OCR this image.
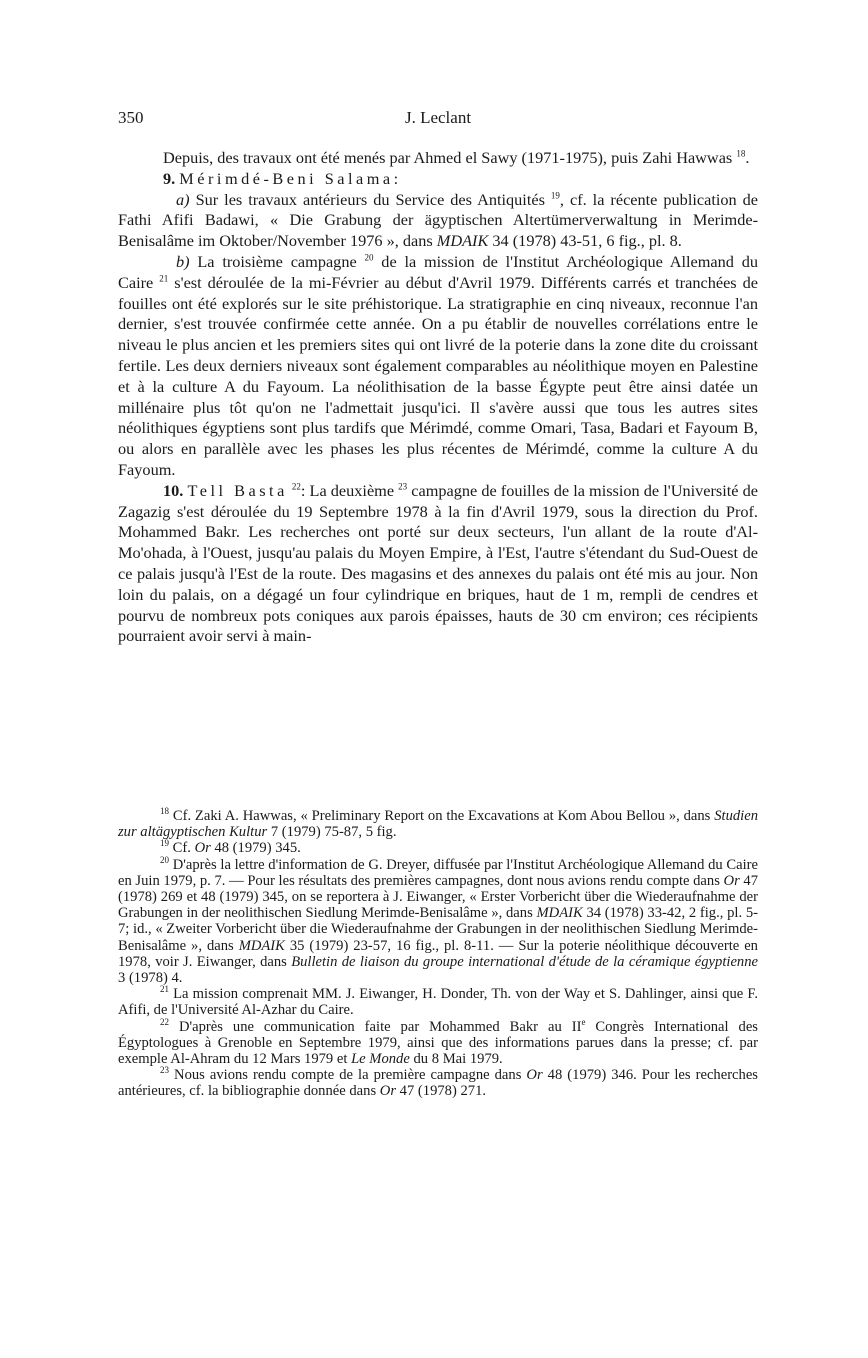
350	J. Leclant

Depuis, des travaux ont été menés par Ahmed el Sawy (1971-1975), puis Zahi Hawwas $^{18}$.

9. Mérimdé-Beni Salama:

a) Sur les travaux antérieurs du Service des Antiquités $^{19}$, cf. la récente publication de Fathi Afifi Badawi, « Die Grabung der ägyptischen Altertümerverwaltung in Merimde-Benisalâme im Oktober/November 1976 », dans MDAIK 34 (1978) 43-51, 6 fig., pl. 8.

b) La troisième campagne $^{20}$ de la mission de l'Institut Archéologique Allemand du Caire $^{21}$ s'est déroulée de la mi-Février au début d'Avril 1979. Différents carrés et tranchées de fouilles ont été explorés sur le site préhistorique. La stratigraphie en cinq niveaux, reconnue l'an dernier, s'est trouvée confirmée cette année. On a pu établir de nouvelles corrélations entre le niveau le plus ancien et les premiers sites qui ont livré de la poterie dans la zone dite du croissant fertile. Les deux derniers niveaux sont également comparables au néolithique moyen en Palestine et à la culture A du Fayoum. La néolithisation de la basse Égypte peut être ainsi datée un millénaire plus tôt qu'on ne l'admettait jusqu'ici. Il s'avère aussi que tous les autres sites néolithiques égyptiens sont plus tardifs que Mérimdé, comme Omari, Tasa, Badari et Fayoum B, ou alors en parallèle avec les phases les plus récentes de Mérimdé, comme la culture A du Fayoum.

10. Tell Basta $^{22}$: La deuxième $^{23}$ campagne de fouilles de la mission de l'Université de Zagazig s'est déroulée du 19 Septembre 1978 à la fin d'Avril 1979, sous la direction du Prof. Mohammed Bakr. Les recherches ont porté sur deux secteurs, l'un allant de la route d'Al-Mo'ohada, à l'Ouest, jusqu'au palais du Moyen Empire, à l'Est, l'autre s'étendant du Sud-Ouest de ce palais jusqu'à l'Est de la route. Des magasins et des annexes du palais ont été mis au jour. Non loin du palais, on a dégagé un four cylindrique en briques, haut de 1 m, rempli de cendres et pourvu de nombreux pots coniques aux parois épaisses, hauts de 30 cm environ; ces récipients pourraient avoir servi à main-

$^{18}$ Cf. Zaki A. Hawwas, « Preliminary Report on the Excavations at Kom Abou Bellou », dans Studien zur altägyptischen Kultur 7 (1979) 75-87, 5 fig.

$^{19}$ Cf. Or 48 (1979) 345.

$^{20}$ D'après la lettre d'information de G. Dreyer, diffusée par l'Institut Archéologique Allemand du Caire en Juin 1979, p. 7. — Pour les résultats des premières campagnes, dont nous avions rendu compte dans Or 47 (1978) 269 et 48 (1979) 345, on se reportera à J. Eiwanger, « Erster Vorbericht über die Wiederaufnahme der Grabungen in der neolithischen Siedlung Merimde-Benisalâme », dans MDAIK 34 (1978) 33-42, 2 fig., pl. 5-7; id., « Zweiter Vorbericht über die Wiederaufnahme der Grabungen in der neolithischen Siedlung Merimde-Benisalâme », dans MDAIK 35 (1979) 23-57, 16 fig., pl. 8-11. — Sur la poterie néolithique découverte en 1978, voir J. Eiwanger, dans Bulletin de liaison du groupe international d'étude de la céramique égyptienne 3 (1978) 4.

$^{21}$ La mission comprenait MM. J. Eiwanger, H. Donder, Th. von der Way et S. Dahlinger, ainsi que F. Afifi, de l'Université Al-Azhar du Caire.

$^{22}$ D'après une communication faite par Mohammed Bakr au IIe Congrès International des Égyptologues à Grenoble en Septembre 1979, ainsi que des informations parues dans la presse; cf. par exemple Al-Ahram du 12 Mars 1979 et Le Monde du 8 Mai 1979.

$^{23}$ Nous avions rendu compte de la première campagne dans Or 48 (1979) 346. Pour les recherches antérieures, cf. la bibliographie donnée dans Or 47 (1978) 271.
